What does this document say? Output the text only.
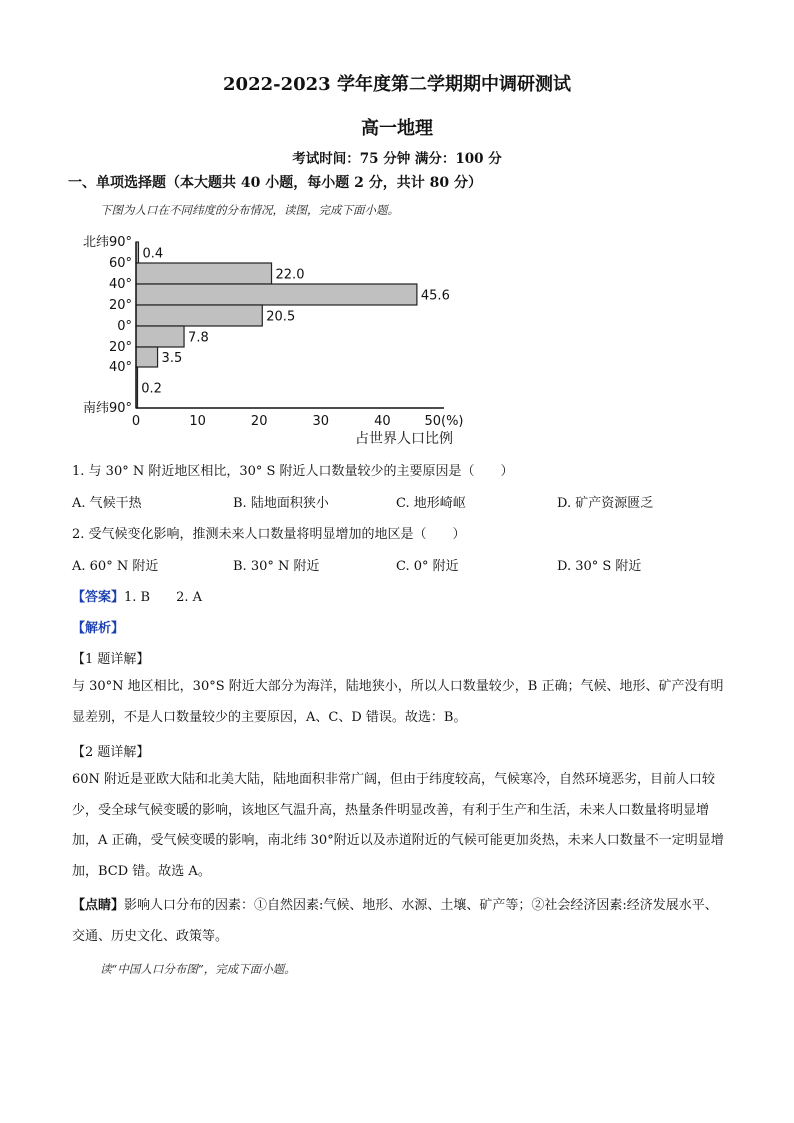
2022-2023 学年度第二学期期中调研测试
高一地理
考试时间：75 分钟 满分：100 分
一、单项选择题（本大题共 40 小题，每小题 2 分，共计 80 分）
下图为人口在不同纬度的分布情况，读图，完成下面小题。
0.4
22.0
45.6
20.5
7.8
3.5
0.2
北纬90°
60°
40°
20°
0°
20°
40°
南纬90°
0	10	20	30	40	50(%)
占世界人口比例
1. 与 30° N 附近地区相比，30° S 附近人口数量较少的主要原因是（　　）
A. 气候干热	B. 陆地面积狭小	C. 地形崎岖	D. 矿产资源匮乏
2. 受气候变化影响，推测未来人口数量将明显增加的地区是（　　）
A. 60° N 附近	B. 30° N 附近	C. 0° 附近	D. 30° S 附近
【答案】1. B　　2. A
【解析】
【1 题详解】
与 30°N 地区相比，30°S 附近大部分为海洋，陆地狭小，所以人口数量较少，B 正确；气候、地形、矿产没有明显差别，不是人口数量较少的主要原因，A、C、D 错误。故选：B。
【2 题详解】
60N 附近是亚欧大陆和北美大陆，陆地面积非常广阔，但由于纬度较高，气候寒冷，自然环境恶劣，目前人口较少，受全球气候变暖的影响，该地区气温升高，热量条件明显改善，有利于生产和生活，未来人口数量将明显增加，A 正确，受气候变暖的影响，南北纬 30°附近以及赤道附近的气候可能更加炎热，未来人口数量不一定明显增加，BCD 错。故选 A。
【点睛】影响人口分布的因素：①自然因素:气候、地形、水源、土壤、矿产等；②社会经济因素:经济发展水平、交通、历史文化、政策等。
读“中国人口分布图”，完成下面小题。
